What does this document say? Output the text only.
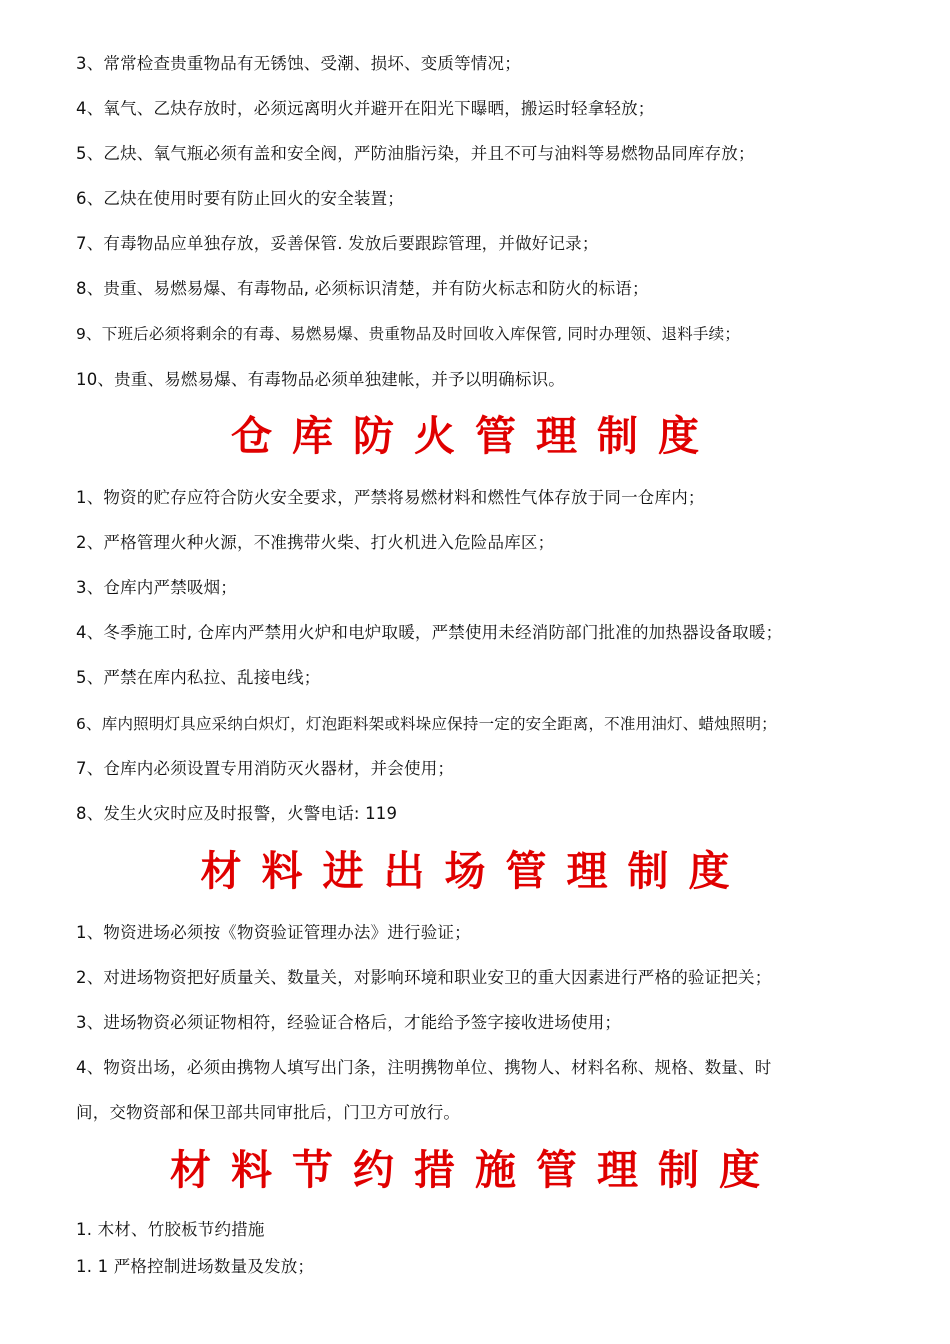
3、常常检查贵重物品有无锈蚀、受潮、损坏、变质等情况；
4、氧气、乙炔存放时，必须远离明火并避开在阳光下曝晒，搬运时轻拿轻放；
5、乙炔、氧气瓶必须有盖和安全阀，严防油脂污染，并且不可与油料等易燃物品同库存放；
6、乙炔在使用时要有防止回火的安全装置；
7、有毒物品应单独存放，妥善保管. 发放后要跟踪管理，并做好记录；
8、贵重、易燃易爆、有毒物品, 必须标识清楚，并有防火标志和防火的标语；
9、下班后必须将剩余的有毒、易燃易爆、贵重物品及时回收入库保管, 同时办理领、退料手续；
10、贵重、易燃易爆、有毒物品必须单独建帐，并予以明确标识。
仓库防火管理制度
1、物资的贮存应符合防火安全要求，严禁将易燃材料和燃性气体存放于同一仓库内；
2、严格管理火种火源，不准携带火柴、打火机进入危险品库区；
3、仓库内严禁吸烟；
4、冬季施工时, 仓库内严禁用火炉和电炉取暖，严禁使用未经消防部门批准的加热器设备取暖；
5、严禁在库内私拉、乱接电线；
6、库内照明灯具应采纳白炽灯，灯泡距料架或料垛应保持一定的安全距离，不准用油灯、蜡烛照明；
7、仓库内必须设置专用消防灭火器材，并会使用；
8、发生火灾时应及时报警，火警电话: 119
材料进出场管理制度
1、物资进场必须按《物资验证管理办法》进行验证；
2、对进场物资把好质量关、数量关，对影响环境和职业安卫的重大因素进行严格的验证把关；
3、进场物资必须证物相符，经验证合格后，才能给予签字接收进场使用；
4、物资出场，必须由携物人填写出门条，注明携物单位、携物人、材料名称、规格、数量、时
间，交物资部和保卫部共同审批后，门卫方可放行。
材料节约措施管理制度
1. 木材、竹胶板节约措施
1. 1 严格控制进场数量及发放；
